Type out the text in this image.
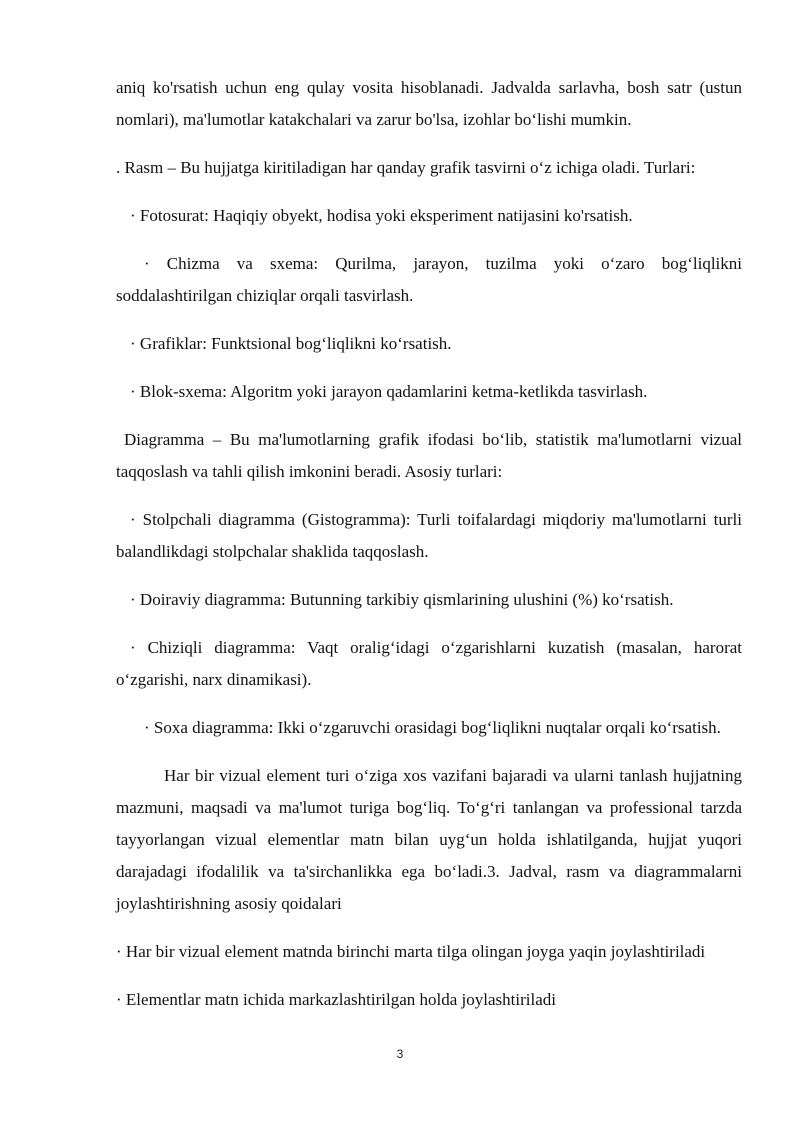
aniq ko'rsatish uchun eng qulay vosita hisoblanadi. Jadvalda sarlavha, bosh satr (ustun nomlari), ma'lumotlar katakchalari va zarur bo'lsa, izohlar bo‘lishi mumkin.

. Rasm – Bu hujjatga kiritiladigan har qanday grafik tasvirni o‘z ichiga oladi. Turlari:

· Fotosurat: Haqiqiy obyekt, hodisa yoki eksperiment natijasini ko'rsatish.

· Chizma va sxema: Qurilma, jarayon, tuzilma yoki o‘zaro bog‘liqlikni soddalashtirilgan chiziqlar orqali tasvirlash.

· Grafiklar: Funktsional bog‘liqlikni ko‘rsatish.

· Blok-sxema: Algoritm yoki jarayon qadamlarini ketma-ketlikda tasvirlash.

Diagramma – Bu ma'lumotlarning grafik ifodasi bo‘lib, statistik ma'lumotlarni vizual taqqoslash va tahli qilish imkonini beradi. Asosiy turlari:

· Stolpchali diagramma (Gistogramma): Turli toifalardagi miqdoriy ma'lumotlarni turli balandlikdagi stolpchalar shaklida taqqoslash.

· Doiraviy diagramma: Butunning tarkibiy qismlarining ulushini (%) ko‘rsatish.

· Chiziqli diagramma: Vaqt oralig‘idagi o‘zgarishlarni kuzatish (masalan, harorat o‘zgarishi, narx dinamikasi).

· Soxa diagramma: Ikki o‘zgaruvchi orasidagi bog‘liqlikni nuqtalar orqali ko‘rsatish.

Har bir vizual element turi o‘ziga xos vazifani bajaradi va ularni tanlash hujjatning mazmuni, maqsadi va ma'lumot turiga bog‘liq. To‘g‘ri tanlangan va professional tarzda tayyorlangan vizual elementlar matn bilan uyg‘un holda ishlatilganda, hujjat yuqori darajadagi ifodalilik va ta'sirchanlikka ega bo‘ladi.3. Jadval, rasm va diagrammalarni joylashtirishning asosiy qoidalari

· Har bir vizual element matnda birinchi marta tilga olingan joyga yaqin joylashtiriladi

· Elementlar matn ichida markazlashtirilgan holda joylashtiriladi

3
